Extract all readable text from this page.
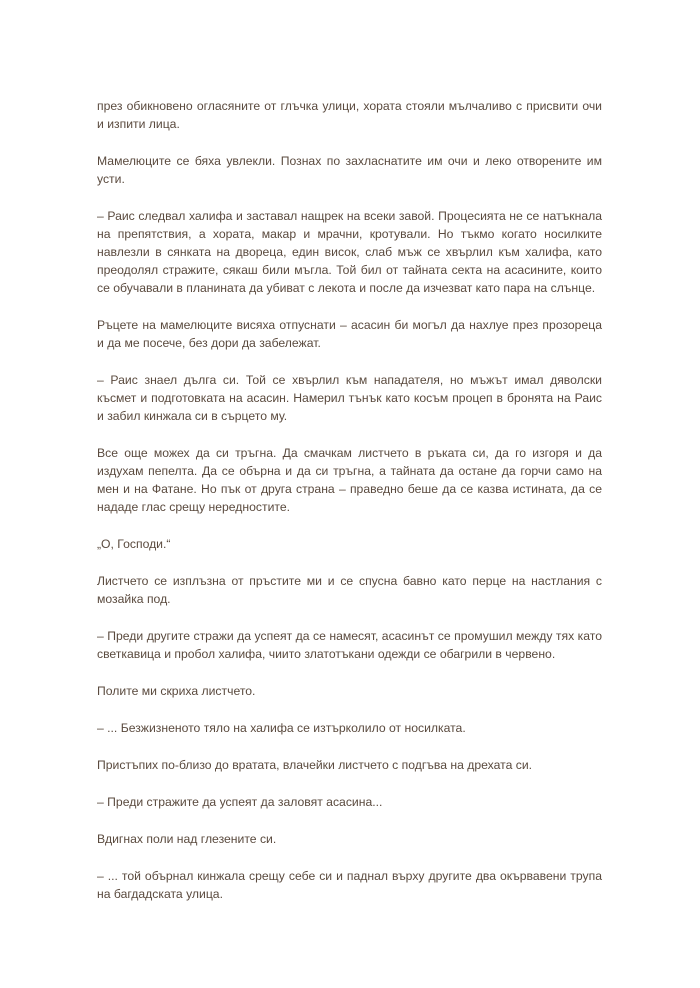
през обикновено огласяните от глъчка улици, хората стояли мълчаливо с присвити очи и изпити лица.

Мамелюците се бяха увлекли. Познах по захласнатите им очи и леко отворените им усти.

– Раис следвал халифа и заставал нащрек на всеки завой. Процесията не се натъкнала на препятствия, а хората, макар и мрачни, кротували. Но тъкмо когато носилките навлезли в сянката на двореца, един висок, слаб мъж се хвърлил към халифа, като преодолял стражите, сякаш били мъгла. Той бил от тайната секта на асасините, които се обучавали в планината да убиват с лекота и после да изчезват като пара на слънце.

Ръцете на мамелюците висяха отпуснати – асасин би могъл да нахлуе през прозореца и да ме посече, без дори да забележат.

– Раис знаел дълга си. Той се хвърлил към нападателя, но мъжът имал дяволски късмет и подготовката на асасин. Намерил тънък като косъм процеп в бронята на Раис и забил кинжала си в сърцето му.

Все още можех да си тръгна. Да смачкам листчето в ръката си, да го изгоря и да издухам пепелта. Да се обърна и да си тръгна, а тайната да остане да горчи само на мен и на Фатане. Но пък от друга страна – праведно беше да се казва истината, да се нададе глас срещу нередностите.

„О, Господи.“

Листчето се изплъзна от пръстите ми и се спусна бавно като перце на настлания с мозайка под.

– Преди другите стражи да успеят да се намесят, асасинът се промушил между тях като светкавица и пробол халифа, чиито златотъкани одежди се обагрили в червено.

Полите ми скриха листчето.

– ... Безжизненото тяло на халифа се изтърколило от носилката.

Пристъпих по-близо до вратата, влачейки листчето с подгъва на дрехата си.

– Преди стражите да успеят да заловят асасина...

Вдигнах поли над глезените си.

– ... той обърнал кинжала срещу себе си и паднал върху другите два окървавени трупа на багдадската улица.
